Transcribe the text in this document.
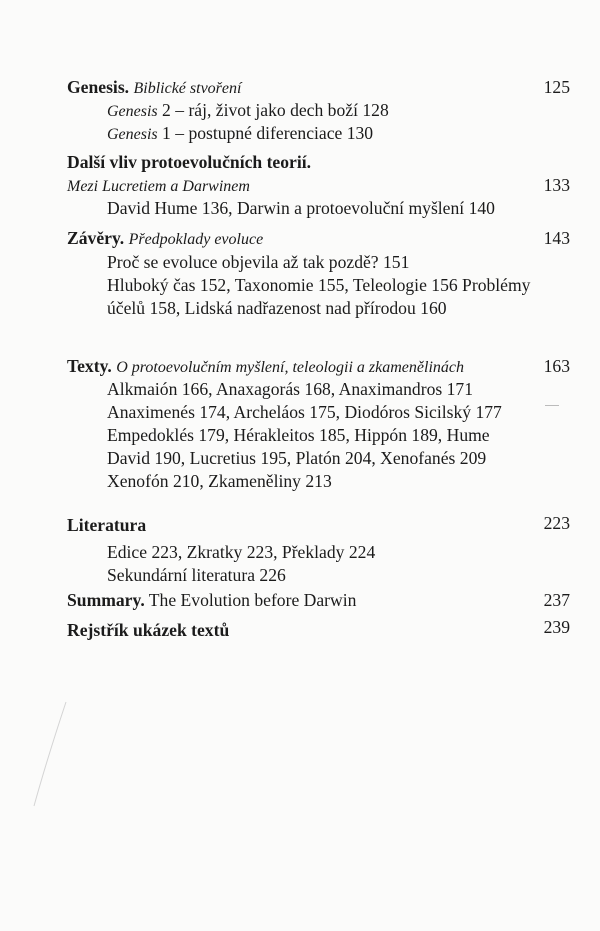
Genesis. Biblické stvoření	125
Genesis 2 – ráj, život jako dech boží 128
Genesis 1 – postupné diferenciace 130
Další vliv protoevolučních teorií.
Mezi Lucretiem a Darwinem	133
David Hume 136, Darwin a protoevoluční myšlení 140
Závěry. Předpoklady evoluce	143
Proč se evoluce objevila až tak pozdě? 151
Hluboký čas 152, Taxonomie 155, Teleologie 156 Problémy
účelů 158, Lidská nadřazenost nad přírodou 160
Texty. O protoevolučním myšlení, teleologii a zkamenělinách	163
Alkmaión 166, Anaxagorás 168, Anaximandros 171
Anaximenés 174, Archeláos 175, Diodóros Sicilský 177
Empedoklés 179, Hérakleitos 185, Hippón 189, Hume
David 190, Lucretius 195, Platón 204, Xenofanés 209
Xenofón 210, Zkameněliny 213
Literatura	223
Edice 223, Zkratky 223, Překlady 224
Sekundární literatura 226
Summary. The Evolution before Darwin	237
Rejstřík ukázek textů	239
